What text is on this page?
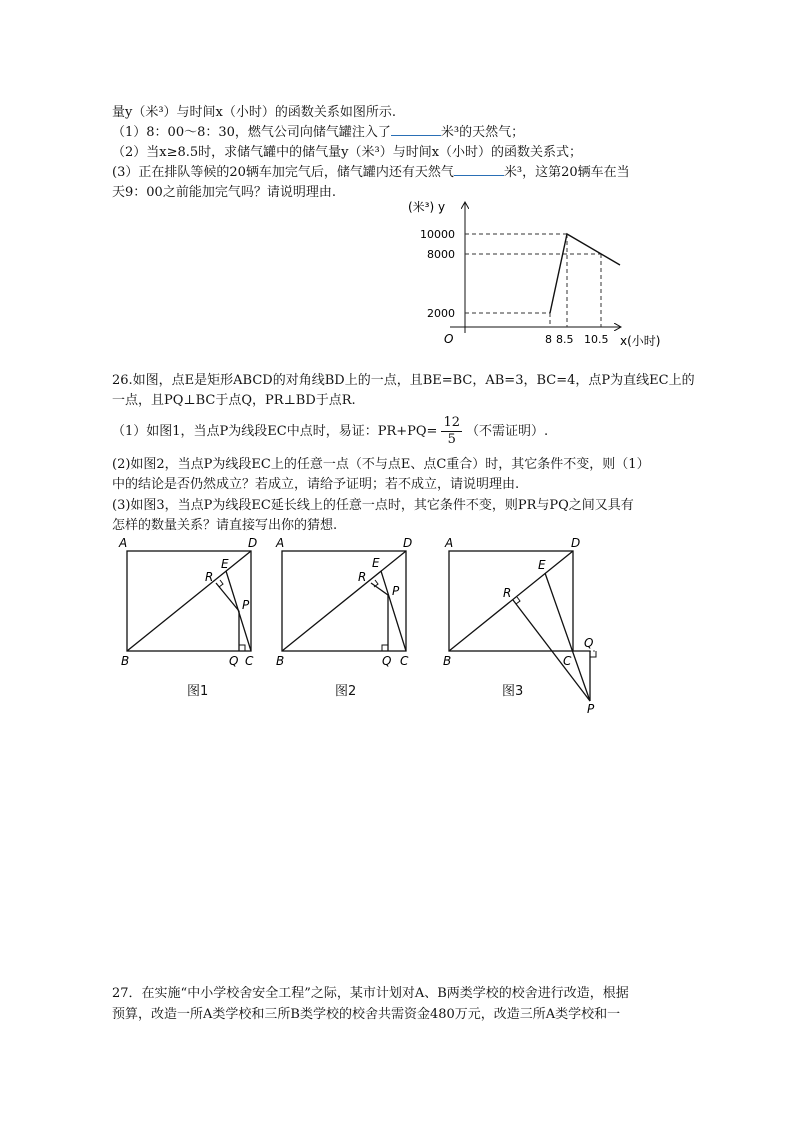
量y（米³）与时间x（小时）的函数关系如图所示.
（1）8：00～8：30，燃气公司向储气罐注入了	米³的天然气；
（2）当x≥8.5时，求储气罐中的储气量y（米³）与时间x（小时）的函数关系式；
(3）正在排队等候的20辆车加完气后，储气罐内还有天然气	米³，这第20辆车在当
天9：00之前能加完气吗？请说明理由.
(米³) y
10000
8000
2000
O	8 8.5 10.5 x(小时)
26.如图，点E是矩形ABCD的对角线BD上的一点，且BE=BC，AB=3，BC=4，点P为直线EC上的
一点，且PQ⊥BC于点Q，PR⊥BD于点R.
（1）如图1，当点P为线段EC中点时，易证：$PR+PQ= \frac{12}{5}$ （不需证明）.
(2)如图2，当点P为线段EC上的任意一点（不与点E、点C重合）时，其它条件不变，则（1）
中的结论是否仍然成立？若成立，请给予证明；若不成立，请说明理由.
(3)如图3，当点P为线段EC延长线上的任意一点时，其它条件不变，则PR与PQ之间又具有
怎样的数量关系？请直接写出你的猜想.
A	D
B	Q C
E
R
P
图1
A	D
B	Q C
E
R
P
图2
A	D
B	C
Q
E
R
P
图3
27．在实施“中小学校舍安全工程”之际，某市计划对A、B两类学校的校舍进行改造，根据
预算，改造一所A类学校和三所B类学校的校舍共需资金480万元，改造三所A类学校和一
